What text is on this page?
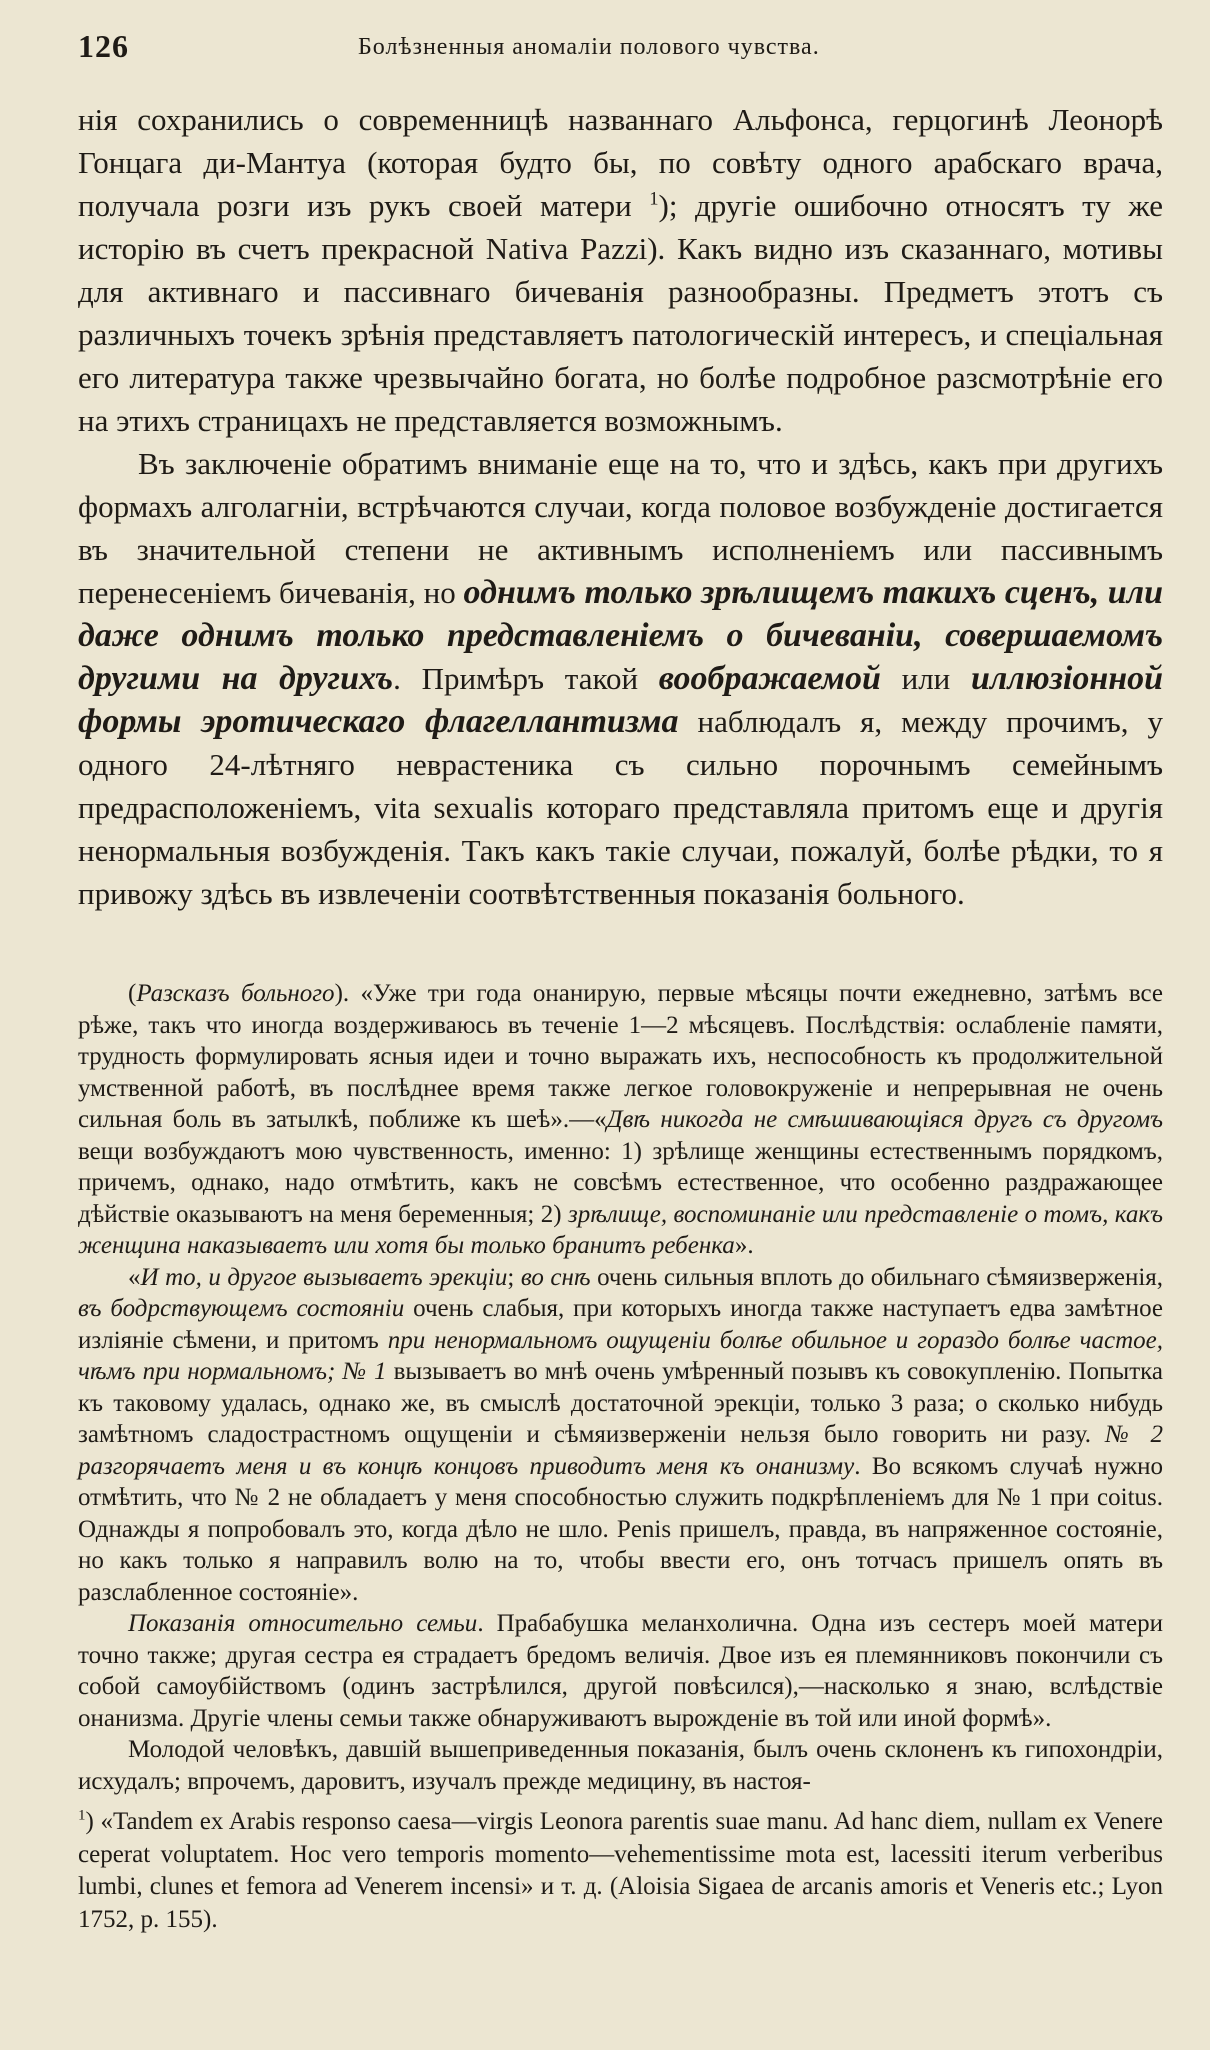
126	Болѣзненныя аномаліи полового чувства.

нія сохранились о современницѣ названнаго Альфонса, герцогинѣ Леонорѣ Гонцага ди-Мантуа (которая будто бы, по совѣту одного арабскаго врача, получала розги изъ рукъ своей матери $^1$); другіе ошибочно относятъ ту же исторію въ счетъ прекрасной Nativa Pazzi). Какъ видно изъ сказаннаго, мотивы для активнаго и пассивнаго бичеванія разнообразны. Предметъ этотъ съ различныхъ точекъ зрѣнія представляетъ патологическій интересъ, и спеціальная его литература также чрезвычайно богата, но болѣе подробное разсмотрѣніе его на этихъ страницахъ не представляется возможнымъ.

Въ заключеніе обратимъ вниманіе еще на то, что и здѣсь, какъ при другихъ формахъ алголагніи, встрѣчаются случаи, когда половое возбужденіе достигается въ значительной степени не активнымъ исполненіемъ или пассивнымъ перенесеніемъ бичеванія, но однимъ только зрѣлищемъ такихъ сценъ, или даже однимъ только представленіемъ о бичеваніи, совершаемомъ другими на другихъ. Примѣръ такой воображаемой или иллюзіонной формы эротическаго флагеллантизма наблюдалъ я, между прочимъ, у одного 24-лѣтняго неврастеника съ сильно порочнымъ семейнымъ предрасположеніемъ, vita sexualis котораго представляла притомъ еще и другія ненормальныя возбужденія. Такъ какъ такіе случаи, пожалуй, болѣе рѣдки, то я привожу здѣсь въ извлеченіи соотвѣтственныя показанія больного.

(Разсказъ больного). «Уже три года онанирую, первые мѣсяцы почти ежедневно, затѣмъ все рѣже, такъ что иногда воздерживаюсь въ теченіе 1—2 мѣсяцевъ. Послѣдствія: ослабленіе памяти, трудность формулировать ясныя идеи и точно выражать ихъ, неспособность къ продолжительной умственной работѣ, въ послѣднее время также легкое головокруженіе и непрерывная не очень сильная боль въ затылкѣ, поближе къ шеѣ».—«Двѣ никогда не смѣшивающіяся другъ съ другомъ вещи возбуждаютъ мою чувственность, именно: 1) зрѣлище женщины естественнымъ порядкомъ, причемъ, однако, надо отмѣтить, какъ не совсѣмъ естественное, что особенно раздражающее дѣйствіе оказываютъ на меня беременныя; 2) зрѣлище, воспоминаніе или представленіе о томъ, какъ женщина наказываетъ или хотя бы только бранитъ ребенка».

«И то, и другое вызываетъ эрекціи; во снѣ очень сильныя вплоть до обильнаго сѣмяизверженія, въ бодрствующемъ состояніи очень слабыя, при которыхъ иногда также наступаетъ едва замѣтное изліяніе сѣмени, и притомъ при ненормальномъ ощущеніи болѣе обильное и гораздо болѣе частое, чѣмъ при нормальномъ; № 1 вызываетъ во мнѣ очень умѣренный позывъ къ совокупленію. Попытка къ таковому удалась, однако же, въ смыслѣ достаточной эрекціи, только 3 раза; о сколько нибудь замѣтномъ сладострастномъ ощущеніи и сѣмяизверженіи нельзя было говорить ни разу. № 2 разгорячаетъ меня и въ концѣ концовъ приводитъ меня къ онанизму. Во всякомъ случаѣ нужно отмѣтить, что № 2 не обладаетъ у меня способностью служить подкрѣпленіемъ для № 1 при coitus. Однажды я попробовалъ это, когда дѣло не шло. Penis пришелъ, правда, въ напряженное состояніе, но какъ только я направилъ волю на то, чтобы ввести его, онъ тотчасъ пришелъ опять въ разслабленное состояніе».

Показанія относительно семьи. Прабабушка меланхолична. Одна изъ сестеръ моей матери точно также; другая сестра ея страдаетъ бредомъ величія. Двое изъ ея племянниковъ покончили съ собой самоубійствомъ (одинъ застрѣлился, другой повѣсился),—насколько я знаю, вслѣдствіе онанизма. Другіе члены семьи также обнаруживаютъ вырожденіе въ той или иной формѣ».

Молодой человѣкъ, давшій вышеприведенныя показанія, былъ очень склоненъ къ гипохондріи, исхудалъ; впрочемъ, даровитъ, изучалъ прежде медицину, въ настоя-

$^1$) «Tandem ex Arabis responso caesa—virgis Leonora parentis suae manu. Ad hanc diem, nullam ex Venere ceperat voluptatem. Hoc vero temporis momento—vehementissime mota est, lacessiti iterum verberibus lumbi, clunes et femora ad Venerem incensi» и т. д. (Aloisia Sigaea de arcanis amoris et Veneris etc.; Lyon 1752, p. 155).
